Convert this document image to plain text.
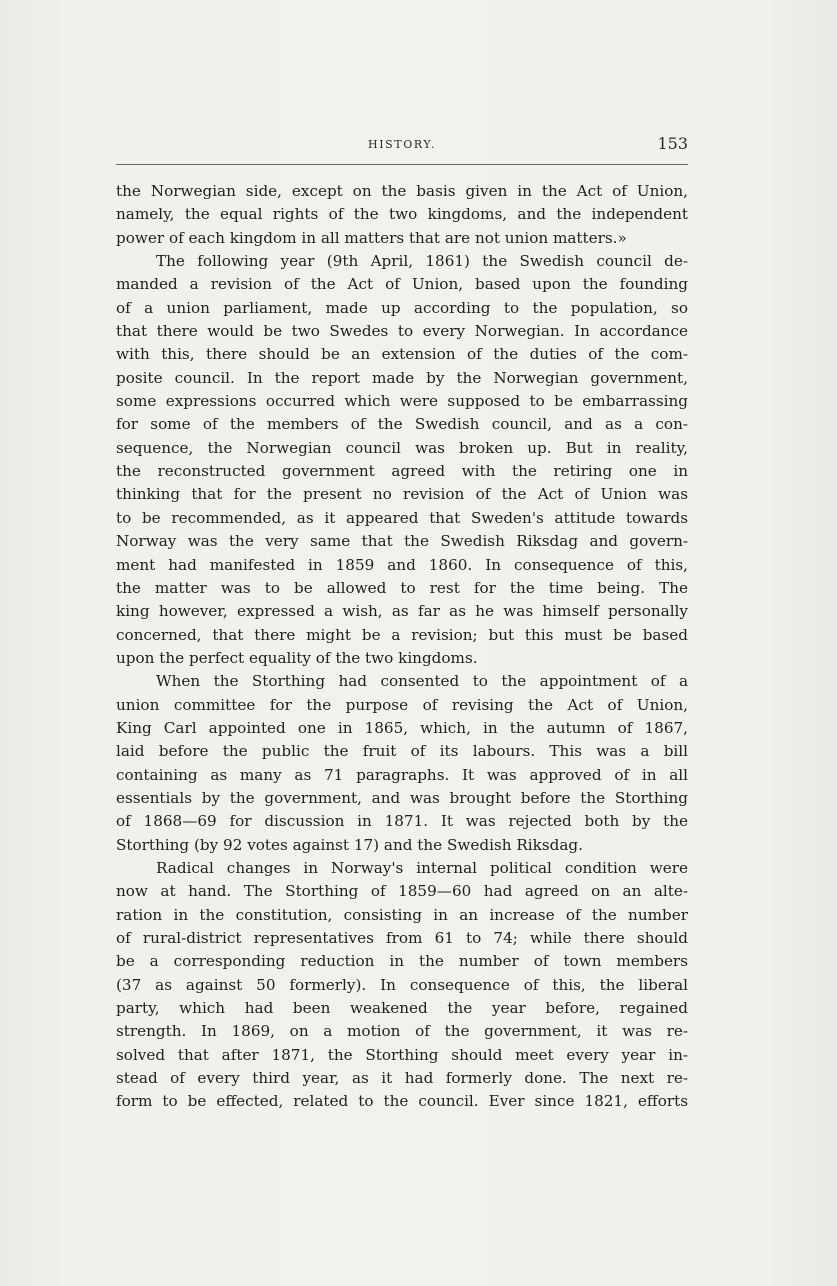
HISTORY.	153
the Norwegian side, except on the basis given in the Act of Union,
namely, the equal rights of the two kingdoms, and the independent
power of each kingdom in all matters that are not union matters.»
The following year (9th April, 1861) the Swedish council de-
manded a revision of the Act of Union, based upon the founding
of a union parliament, made up according to the population, so
that there would be two Swedes to every Norwegian. In accordance
with this, there should be an extension of the duties of the com-
posite council. In the report made by the Norwegian government,
some expressions occurred which were supposed to be embarrassing
for some of the members of the Swedish council, and as a con-
sequence, the Norwegian council was broken up. But in reality,
the reconstructed government agreed with the retiring one in
thinking that for the present no revision of the Act of Union was
to be recommended, as it appeared that Sweden's attitude towards
Norway was the very same that the Swedish Riksdag and govern-
ment had manifested in 1859 and 1860. In consequence of this,
the matter was to be allowed to rest for the time being. The
king however, expressed a wish, as far as he was himself personally
concerned, that there might be a revision; but this must be based
upon the perfect equality of the two kingdoms.
When the Storthing had consented to the appointment of a
union committee for the purpose of revising the Act of Union,
King Carl appointed one in 1865, which, in the autumn of 1867,
laid before the public the fruit of its labours. This was a bill
containing as many as 71 paragraphs. It was approved of in all
essentials by the government, and was brought before the Storthing
of 1868—69 for discussion in 1871. It was rejected both by the
Storthing (by 92 votes against 17) and the Swedish Riksdag.
Radical changes in Norway's internal political condition were
now at hand. The Storthing of 1859—60 had agreed on an alte-
ration in the constitution, consisting in an increase of the number
of rural-district representatives from 61 to 74; while there should
be a corresponding reduction in the number of town members
(37 as against 50 formerly). In consequence of this, the liberal
party, which had been weakened the year before, regained
strength. In 1869, on a motion of the government, it was re-
solved that after 1871, the Storthing should meet every year in-
stead of every third year, as it had formerly done. The next re-
form to be effected, related to the council. Ever since 1821, efforts
